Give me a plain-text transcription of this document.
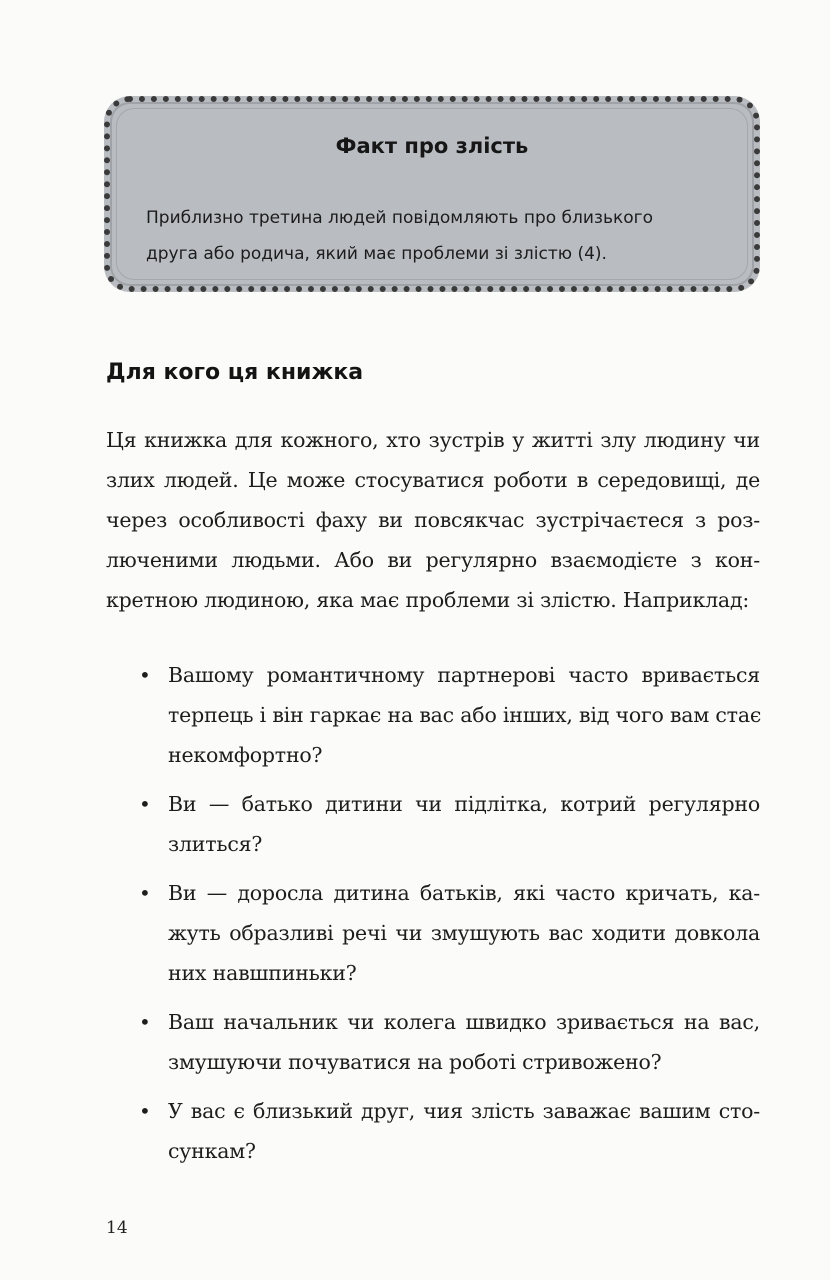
Факт про злість
Приблизно третина людей повідомляють про близького
друга або родича, який має проблеми зі злістю (4).
Для кого ця книжка
Ця книжка для кожного, хто зустрів у житті злу людину чи
злих людей. Це може стосуватися роботи в середовищі, де
через особливості фаху ви повсякчас зустрічаєтеся з роз-
люченими людьми. Або ви регулярно взаємодієте з кон-
кретною людиною, яка має проблеми зі злістю. Наприклад:
• Вашому романтичному партнерові часто вривається
терпець і він гаркає на вас або інших, від чого вам стає
некомфортно?
• Ви — батько дитини чи підлітка, котрий регулярно
злиться?
• Ви — доросла дитина батьків, які часто кричать, ка-
жуть образливі речі чи змушують вас ходити довкола
них навшпиньки?
• Ваш начальник чи колега швидко зривається на вас,
змушуючи почуватися на роботі стривожено?
• У вас є близький друг, чия злість заважає вашим сто-
сункам?
14
